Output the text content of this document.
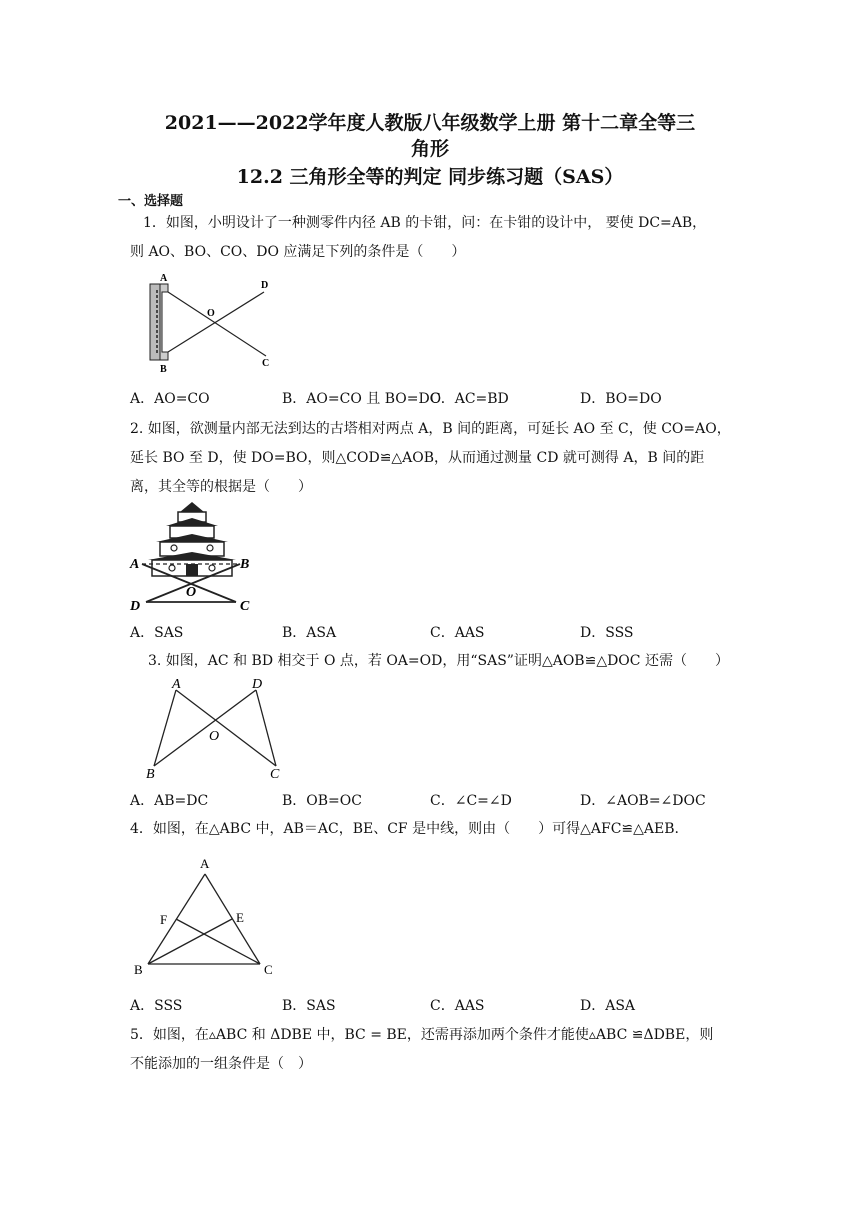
2021——2022学年度人教版八年级数学上册 第十二章全等三
角形
12.2 三角形全等的判定 同步练习题（SAS）
一、选择题
1．如图，小明设计了一种测零件内径 AB 的卡钳，问：在卡钳的设计中， 要使 DC=AB，
则 AO、BO、CO、DO 应满足下列的条件是（　　）
A
B
C
D
O
A．AO=CO	B．AO=CO 且 BO=DO
C．AC=BD	D．BO=DO
2. 如图，欲测量内部无法到达的古塔相对两点 A，B 间的距离，可延长 AO 至 C，使 CO=AO，
延长 BO 至 D，使 DO=BO，则△COD≌△AOB，从而通过测量 CD 就可测得 A，B 间的距
离，其全等的根据是（　　）
A	B
D	C
O
A．SAS	B．ASA	C．AAS	D．SSS
3. 如图，AC 和 BD 相交于 O 点，若 OA=OD，用“SAS”证明△AOB≌△DOC 还需（　　）
A	D
B	C
O
A．AB=DC	B．OB=OC	C．∠C=∠D	D．∠AOB=∠DOC
4．如图，在△ABC 中，AB＝AC，BE、CF 是中线，则由（　　）可得△AFC≌△AEB.
A
F	E
B	C
A．SSS	B．SAS	C．AAS	D．ASA
5．如图，在▵ABC 和 ΔDBE 中，BC = BE，还需再添加两个条件才能使▵ABC ≌ΔDBE，则
不能添加的一组条件是（　）
